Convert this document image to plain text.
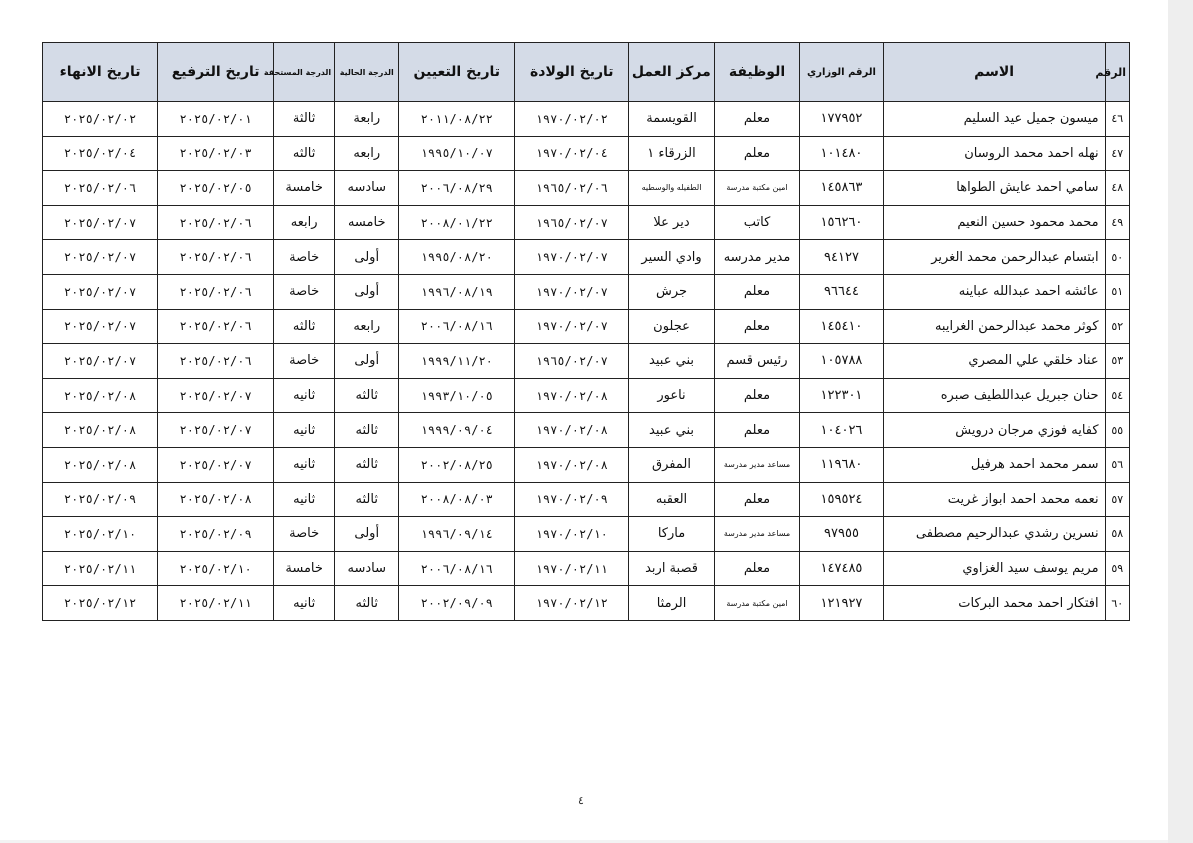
الرقم	الاسم	الرقم الوزاري	الوظيفة	مركز العمل	تاريخ الولادة	تاريخ التعيين	الدرجة الحالية	الدرجة المستحقة	تاريخ الترفيع	تاريخ الانهاء
٤٦	ميسون جميل عيد السليم	١٧٧٩٥٢	معلم	القويسمة	١٩٧٠/٠٢/٠٢	٢٠١١/٠٨/٢٢	رابعة	ثالثة	٢٠٢٥/٠٢/٠١	٢٠٢٥/٠٢/٠٢
٤٧	نهله احمد محمد الروسان	١٠١٤٨٠	معلم	الزرقاء ١	١٩٧٠/٠٢/٠٤	١٩٩٥/١٠/٠٧	رابعه	ثالثه	٢٠٢٥/٠٢/٠٣	٢٠٢٥/٠٢/٠٤
٤٨	سامي احمد عايش الطواها	١٤٥٨٦٣	امين مكتبة مدرسة	الطفيله والوسطيه	١٩٦٥/٠٢/٠٦	٢٠٠٦/٠٨/٢٩	سادسه	خامسة	٢٠٢٥/٠٢/٠٥	٢٠٢٥/٠٢/٠٦
٤٩	محمد محمود حسين النعيم	١٥٦٢٦٠	كاتب	دير علا	١٩٦٥/٠٢/٠٧	٢٠٠٨/٠١/٢٢	خامسه	رابعه	٢٠٢٥/٠٢/٠٦	٢٠٢٥/٠٢/٠٧
٥٠	ابتسام عبدالرحمن محمد الغرير	٩٤١٢٧	مدير مدرسه	وادي السير	١٩٧٠/٠٢/٠٧	١٩٩٥/٠٨/٢٠	أولى	خاصة	٢٠٢٥/٠٢/٠٦	٢٠٢٥/٠٢/٠٧
٥١	عائشه احمد عبدالله عباينه	٩٦٦٤٤	معلم	جرش	١٩٧٠/٠٢/٠٧	١٩٩٦/٠٨/١٩	أولى	خاصة	٢٠٢٥/٠٢/٠٦	٢٠٢٥/٠٢/٠٧
٥٢	كوثر محمد عبدالرحمن الغرايبه	١٤٥٤١٠	معلم	عجلون	١٩٧٠/٠٢/٠٧	٢٠٠٦/٠٨/١٦	رابعه	ثالثه	٢٠٢٥/٠٢/٠٦	٢٠٢٥/٠٢/٠٧
٥٣	عناد خلقي علي المصري	١٠٥٧٨٨	رئيس قسم	بني عبيد	١٩٦٥/٠٢/٠٧	١٩٩٩/١١/٢٠	أولى	خاصة	٢٠٢٥/٠٢/٠٦	٢٠٢٥/٠٢/٠٧
٥٤	حنان جبريل عبداللطيف صبره	١٢٢٣٠١	معلم	ناعور	١٩٧٠/٠٢/٠٨	١٩٩٣/١٠/٠٥	ثالثه	ثانيه	٢٠٢٥/٠٢/٠٧	٢٠٢٥/٠٢/٠٨
٥٥	كفايه فوزي مرجان درويش	١٠٤٠٢٦	معلم	بني عبيد	١٩٧٠/٠٢/٠٨	١٩٩٩/٠٩/٠٤	ثالثه	ثانيه	٢٠٢٥/٠٢/٠٧	٢٠٢٥/٠٢/٠٨
٥٦	سمر محمد احمد هرفيل	١١٩٦٨٠	مساعد مدير مدرسة	المفرق	١٩٧٠/٠٢/٠٨	٢٠٠٢/٠٨/٢٥	ثالثه	ثانيه	٢٠٢٥/٠٢/٠٧	٢٠٢٥/٠٢/٠٨
٥٧	نعمه محمد احمد ابواز غريت	١٥٩٥٢٤	معلم	العقبه	١٩٧٠/٠٢/٠٩	٢٠٠٨/٠٨/٠٣	ثالثه	ثانيه	٢٠٢٥/٠٢/٠٨	٢٠٢٥/٠٢/٠٩
٥٨	نسرين رشدي عبدالرحيم مصطفى	٩٧٩٥٥	مساعد مدير مدرسة	ماركا	١٩٧٠/٠٢/١٠	١٩٩٦/٠٩/١٤	أولى	خاصة	٢٠٢٥/٠٢/٠٩	٢٠٢٥/٠٢/١٠
٥٩	مريم يوسف سيد الغزاوي	١٤٧٤٨٥	معلم	قصبة اربد	١٩٧٠/٠٢/١١	٢٠٠٦/٠٨/١٦	سادسه	خامسة	٢٠٢٥/٠٢/١٠	٢٠٢٥/٠٢/١١
٦٠	افتكار احمد محمد البركات	١٢١٩٢٧	امين مكتبة مدرسة	الرمثا	١٩٧٠/٠٢/١٢	٢٠٠٢/٠٩/٠٩	ثالثه	ثانيه	٢٠٢٥/٠٢/١١	٢٠٢٥/٠٢/١٢
٤
